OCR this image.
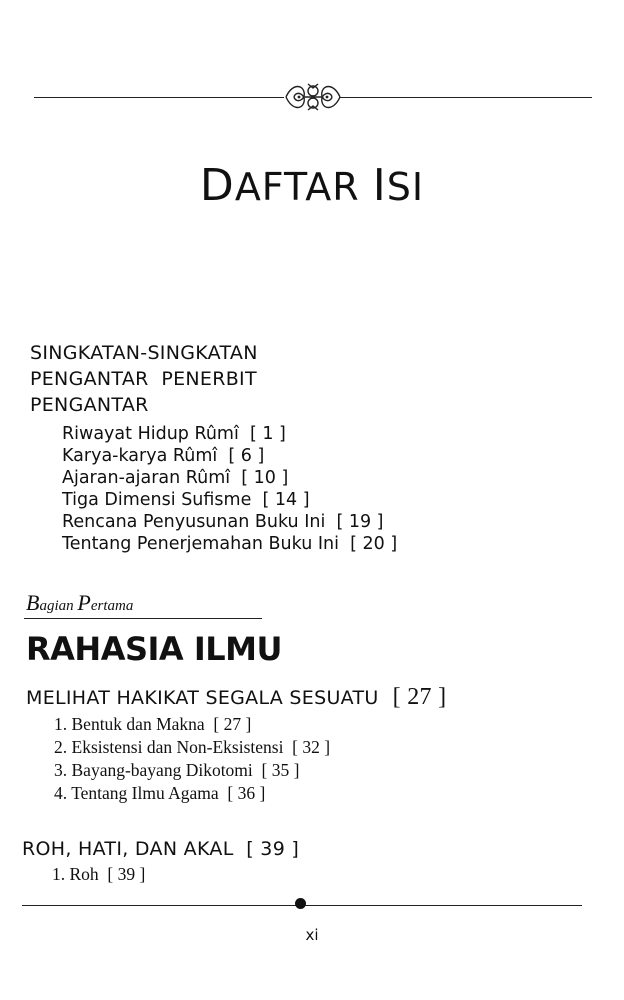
DAFTAR ISI
SINGKATAN-SINGKATAN
PENGANTAR  PENERBIT
PENGANTAR
Riwayat Hidup Rûmî  [ 1 ]
Karya-karya Rûmî  [ 6 ]
Ajaran-ajaran Rûmî  [ 10 ]
Tiga Dimensi Sufisme  [ 14 ]
Rencana Penyusunan Buku Ini  [ 19 ]
Tentang Penerjemahan Buku Ini  [ 20 ]
Bagian Pertama
RAHASIA ILMU
MELIHAT HAKIKAT SEGALA SESUATU [ 27 ]
1. Bentuk dan Makna  [ 27 ]
2. Eksistensi dan Non-Eksistensi  [ 32 ]
3. Bayang-bayang Dikotomi  [ 35 ]
4. Tentang Ilmu Agama  [ 36 ]
ROH, HATI, DAN AKAL  [ 39 ]
1. Roh  [ 39 ]
xi
